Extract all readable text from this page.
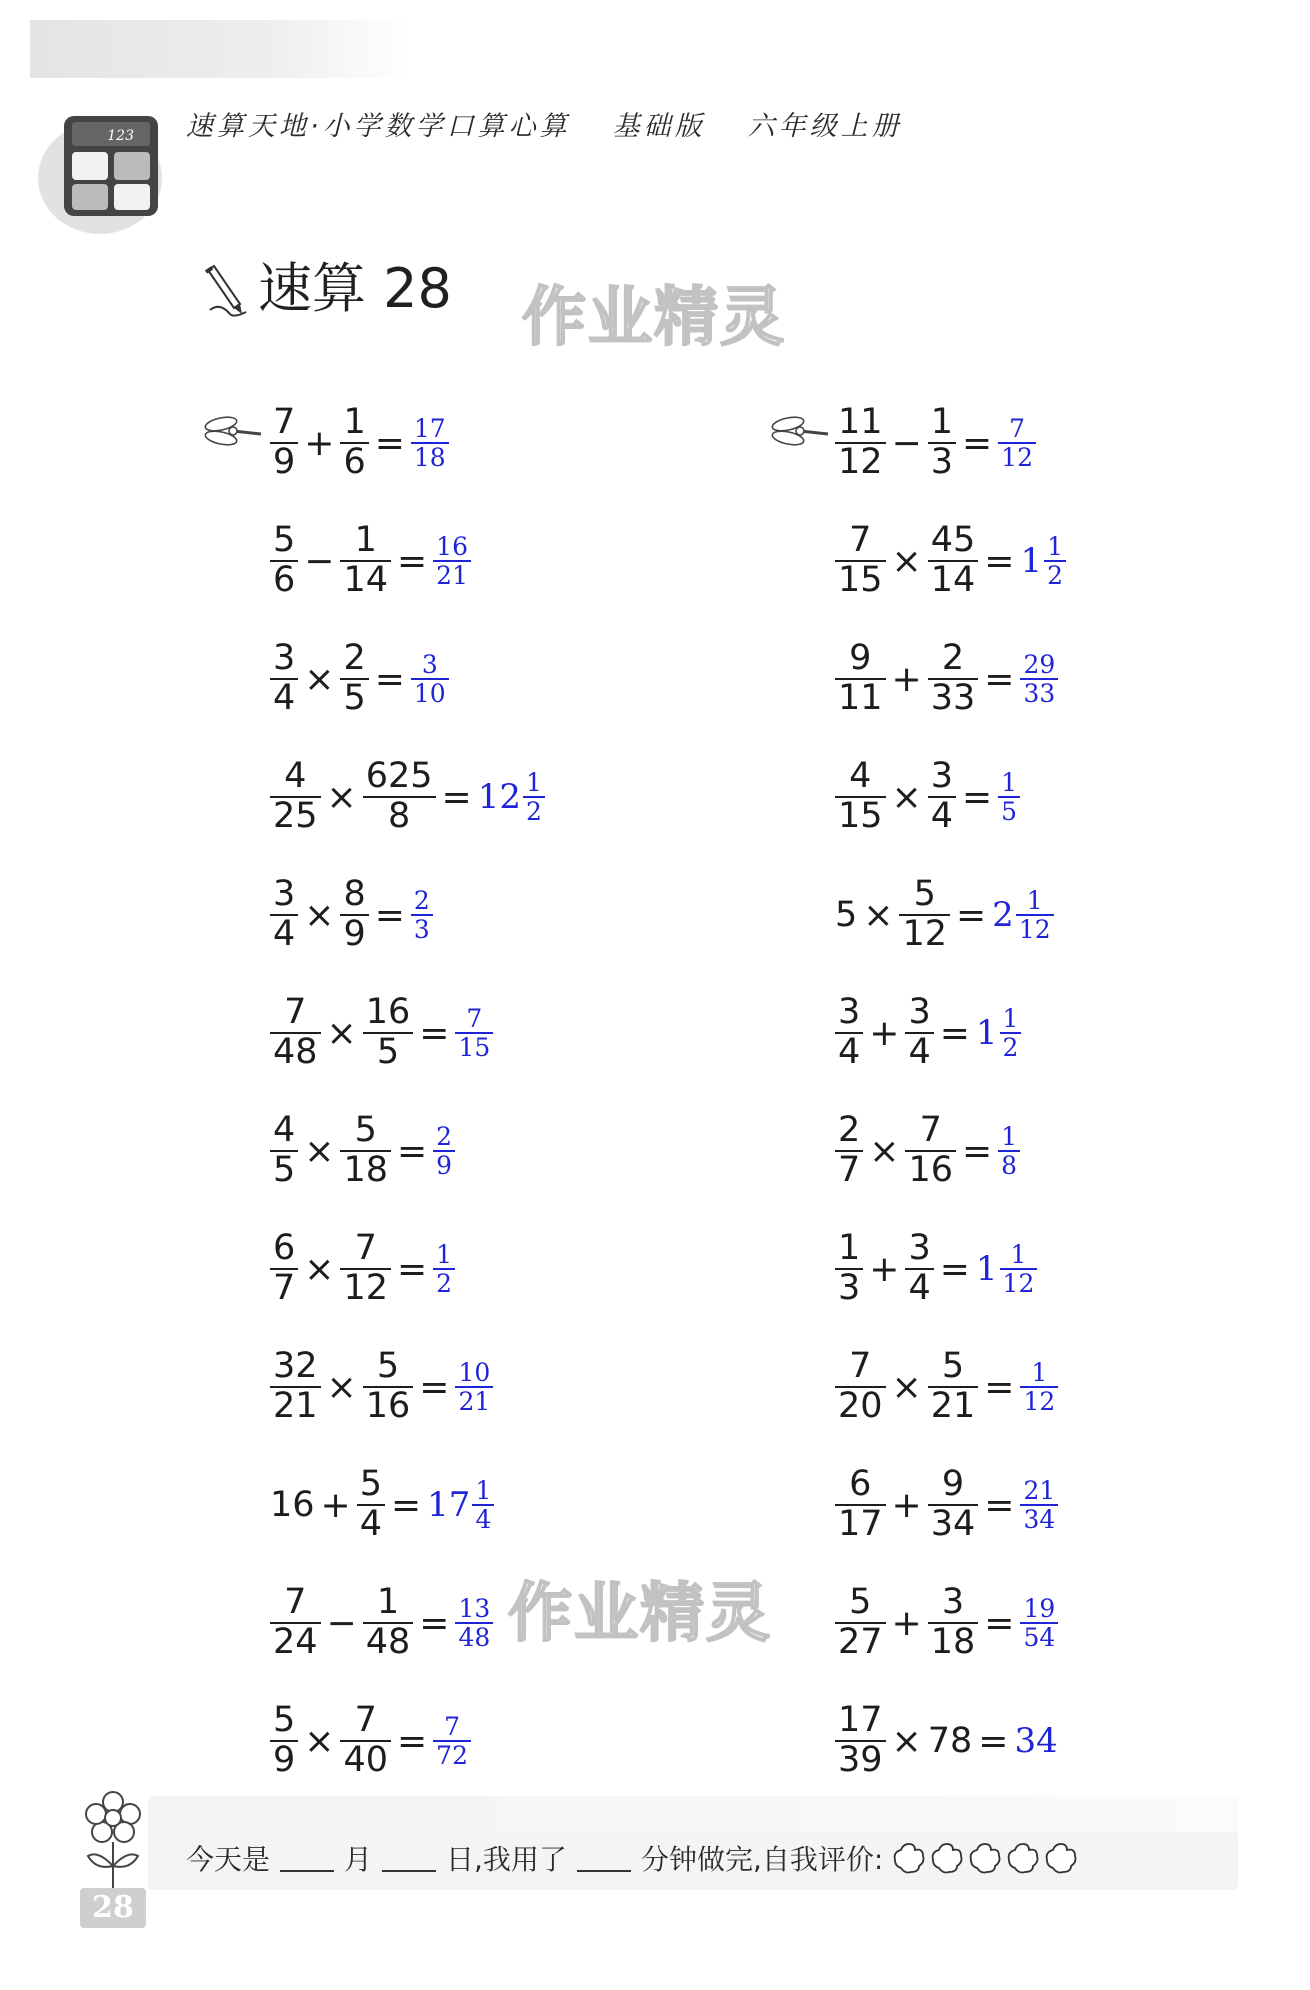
123 速算天地·小学数学口算心算 基础版 六年级上册
速算 28 作业精灵
作业精灵
$\frac{7}{9} + \frac{1}{6} = \frac{17}{18}$
$\frac{5}{6} - \frac{1}{14} = \frac{16}{21}$
$\frac{3}{4} \times \frac{2}{5} = \frac{3}{10}$
$\frac{4}{25} \times \frac{625}{8} = 12 \frac{1}{2}$
$\frac{3}{4} \times \frac{8}{9} = \frac{2}{3}$
$\frac{7}{48} \times \frac{16}{5} = \frac{7}{15}$
$\frac{4}{5} \times \frac{5}{18} = \frac{2}{9}$
$\frac{6}{7} \times \frac{7}{12} = \frac{1}{2}$
$\frac{32}{21} \times \frac{5}{16} = \frac{10}{21}$
$16 + \frac{5}{4} = 17 \frac{1}{4}$
$\frac{7}{24} - \frac{1}{48} = \frac{13}{48}$
$\frac{5}{9} \times \frac{7}{40} = \frac{7}{72}$
$\frac{11}{12} - \frac{1}{3} = \frac{7}{12}$
$\frac{7}{15} \times \frac{45}{14} = 1 \frac{1}{2}$
$\frac{9}{11} + \frac{2}{33} = \frac{29}{33}$
$\frac{4}{15} \times \frac{3}{4} = \frac{1}{5}$
$5 \times \frac{5}{12} = 2 \frac{1}{12}$
$\frac{3}{4} + \frac{3}{4} = 1 \frac{1}{2}$
$\frac{2}{7} \times \frac{7}{16} = \frac{1}{8}$
$\frac{1}{3} + \frac{3}{4} = 1 \frac{1}{12}$
$\frac{7}{20} \times \frac{5}{21} = \frac{1}{12}$
$\frac{6}{17} + \frac{9}{34} = \frac{21}{34}$
$\frac{5}{27} + \frac{3}{18} = \frac{19}{54}$
$\frac{17}{39} \times 78 = 34$
今天是	月	日,我用了	分钟做完,自我评价:
28
